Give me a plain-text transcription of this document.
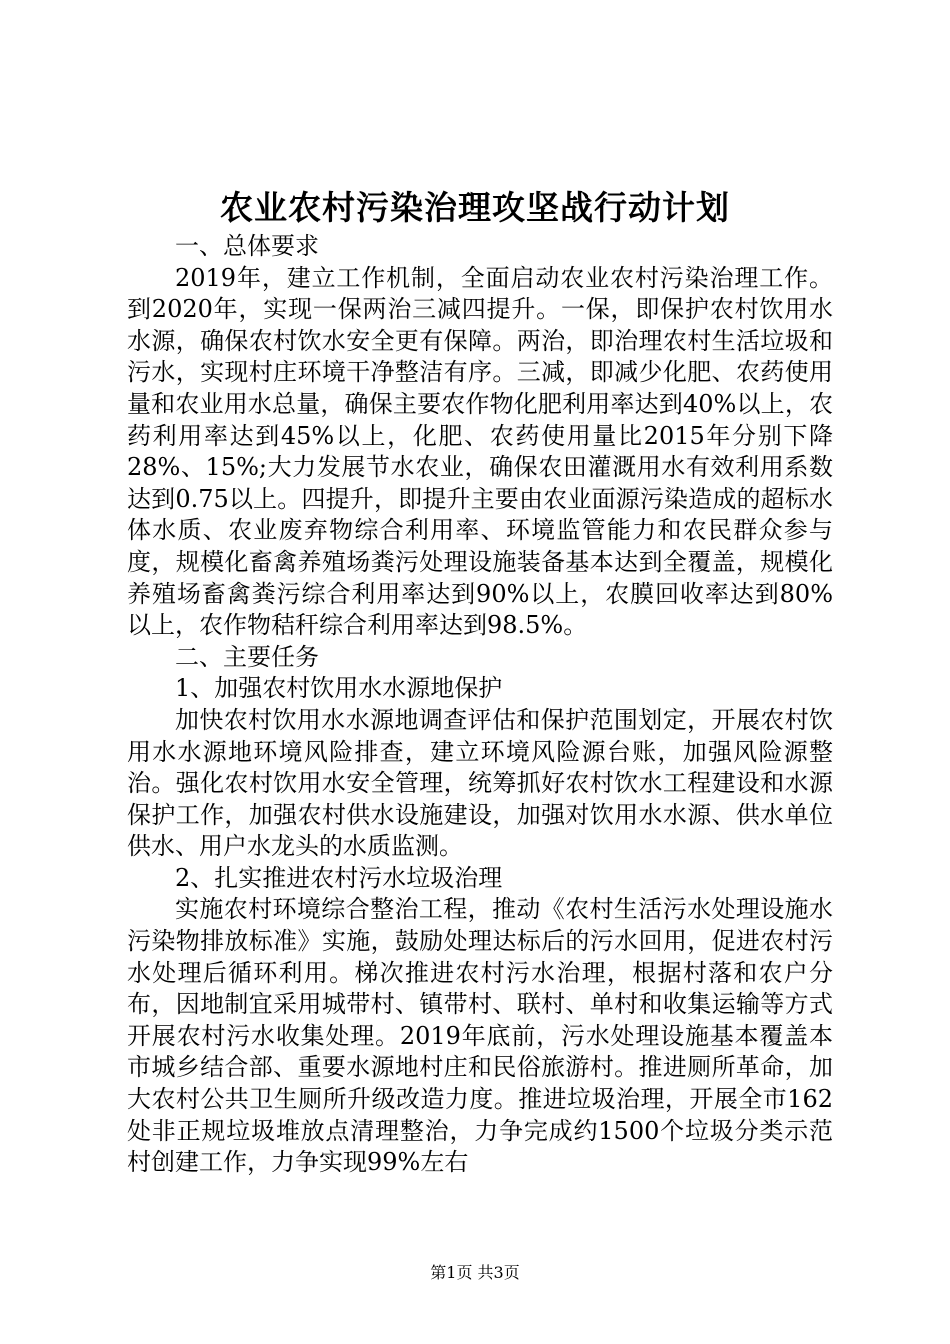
农业农村污染治理攻坚战行动计划

一、总体要求

2019年，建立工作机制，全面启动农业农村污染治理工作。到2020年，实现一保两治三减四提升。一保，即保护农村饮用水水源，确保农村饮水安全更有保障。两治，即治理农村生活垃圾和污水，实现村庄环境干净整洁有序。三减，即减少化肥、农药使用量和农业用水总量，确保主要农作物化肥利用率达到40%以上，农药利用率达到45%以上，化肥、农药使用量比2015年分别下降28%、15%;大力发展节水农业，确保农田灌溉用水有效利用系数达到0.75以上。四提升，即提升主要由农业面源污染造成的超标水体水质、农业废弃物综合利用率、环境监管能力和农民群众参与度，规模化畜禽养殖场粪污处理设施装备基本达到全覆盖，规模化养殖场畜禽粪污综合利用率达到90%以上，农膜回收率达到80%以上，农作物秸秆综合利用率达到98.5%。

二、主要任务

1、加强农村饮用水水源地保护

加快农村饮用水水源地调查评估和保护范围划定，开展农村饮用水水源地环境风险排查，建立环境风险源台账，加强风险源整治。强化农村饮用水安全管理，统筹抓好农村饮水工程建设和水源保护工作，加强农村供水设施建设，加强对饮用水水源、供水单位供水、用户水龙头的水质监测。

2、扎实推进农村污水垃圾治理

实施农村环境综合整治工程，推动《农村生活污水处理设施水污染物排放标准》实施，鼓励处理达标后的污水回用，促进农村污水处理后循环利用。梯次推进农村污水治理，根据村落和农户分布，因地制宜采用城带村、镇带村、联村、单村和收集运输等方式开展农村污水收集处理。2019年底前，污水处理设施基本覆盖本市城乡结合部、重要水源地村庄和民俗旅游村。推进厕所革命，加大农村公共卫生厕所升级改造力度。推进垃圾治理，开展全市162处非正规垃圾堆放点清理整治，力争完成约1500个垃圾分类示范村创建工作，力争实现99%左右

第1页 共3页
